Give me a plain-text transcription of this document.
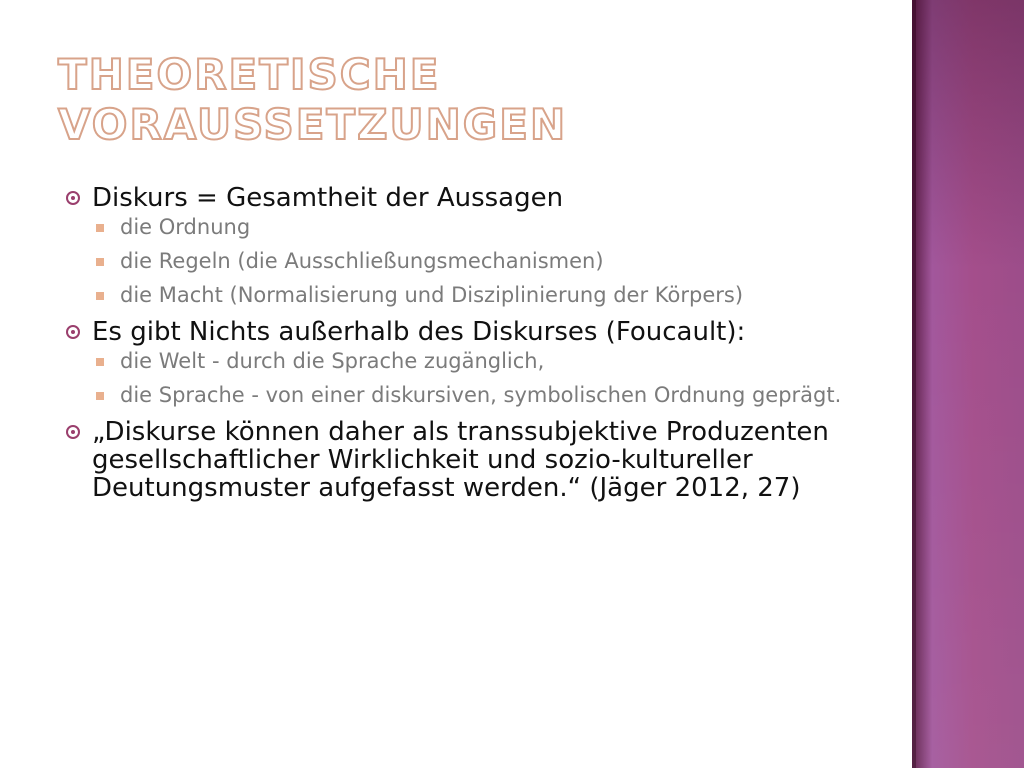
THEORETISCHE
VORAUSSETZUNGEN
Diskurs = Gesamtheit der Aussagen
die Ordnung
die Regeln (die Ausschließungsmechanismen)
die Macht (Normalisierung und Disziplinierung der Körpers)
Es gibt Nichts außerhalb des Diskurses (Foucault):
die Welt - durch die Sprache zugänglich,
die Sprache - von einer diskursiven, symbolischen Ordnung geprägt.
„Diskurse können daher als transsubjektive Produzenten gesellschaftlicher Wirklichkeit und sozio-kultureller Deutungsmuster aufgefasst werden.“ (Jäger 2012, 27)
